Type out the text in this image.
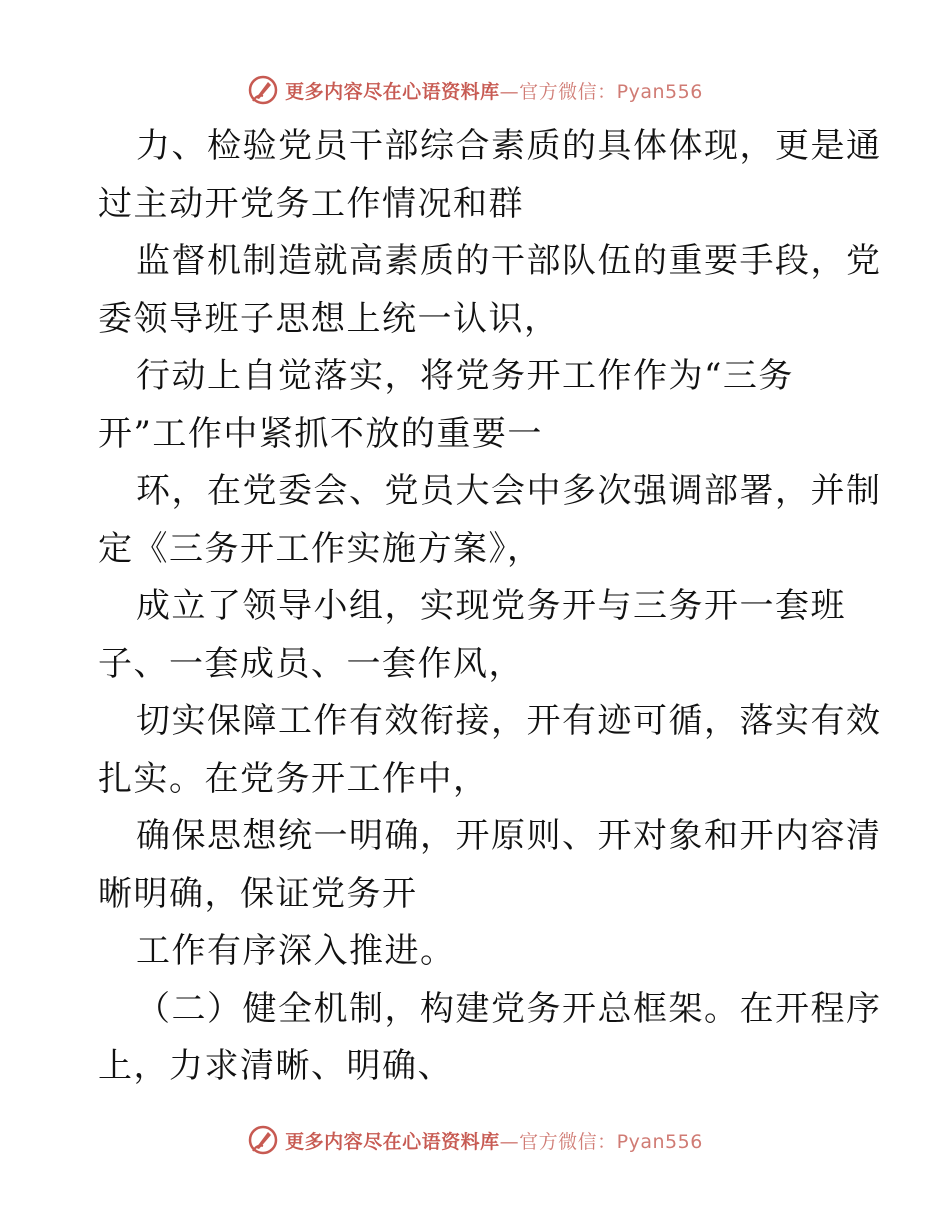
更多内容尽在心语资料库—官方微信：Pyan556
力、检验党员干部综合素质的具体体现，更是通
过主动开党务工作情况和群
监督机制造就高素质的干部队伍的重要手段，党
委领导班子思想上统一认识，
行动上自觉落实，将党务开工作作为“三务
开”工作中紧抓不放的重要一
环，在党委会、党员大会中多次强调部署，并制
定《三务开工作实施方案》，
成立了领导小组，实现党务开与三务开一套班
子、一套成员、一套作风，
切实保障工作有效衔接，开有迹可循，落实有效
扎实。在党务开工作中，
确保思想统一明确，开原则、开对象和开内容清
晰明确，保证党务开
工作有序深入推进。
（二）健全机制，构建党务开总框架。在开程序
上，力求清晰、明确、
更多内容尽在心语资料库—官方微信：Pyan556
